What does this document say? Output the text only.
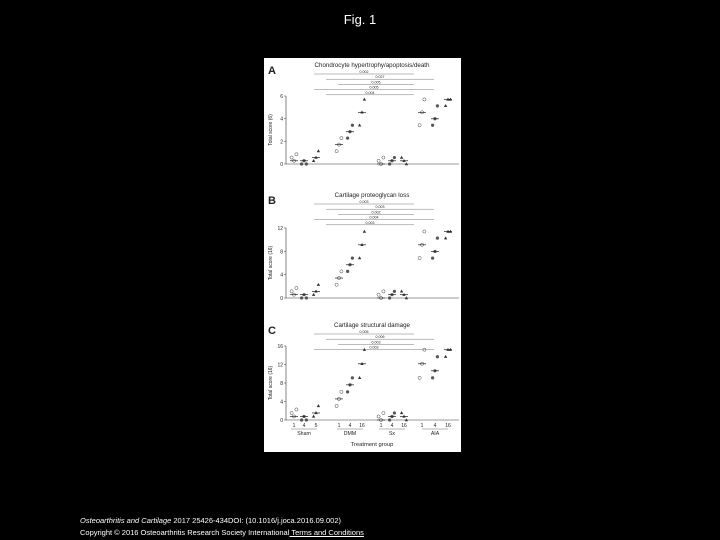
Fig. 1
A	Chondrocyte hypertrophy/apoptosis/death
Total score (6)
0
2
4
6
0.002
0.027
0.005
0.005
0.004
B	Cartilage proteoglycan loss
Total score (16)
0
4
8
12
0.003
0.003
0.002
0.004
0.003
C	Cartilage structural damage
Total score (16)
0
4
8
12
16
0.005
0.006
0.003
0.003
1 4 5	1 4 16	1 4 16	1 4 16
Sham	DMM	Sx	AIA
Treatment group
Osteoarthritis and Cartilage 2017 25426-434DOI: (10.1016/j.joca.2016.09.002)
Copyright © 2016 Osteoarthritis Research Society International Terms and Conditions
